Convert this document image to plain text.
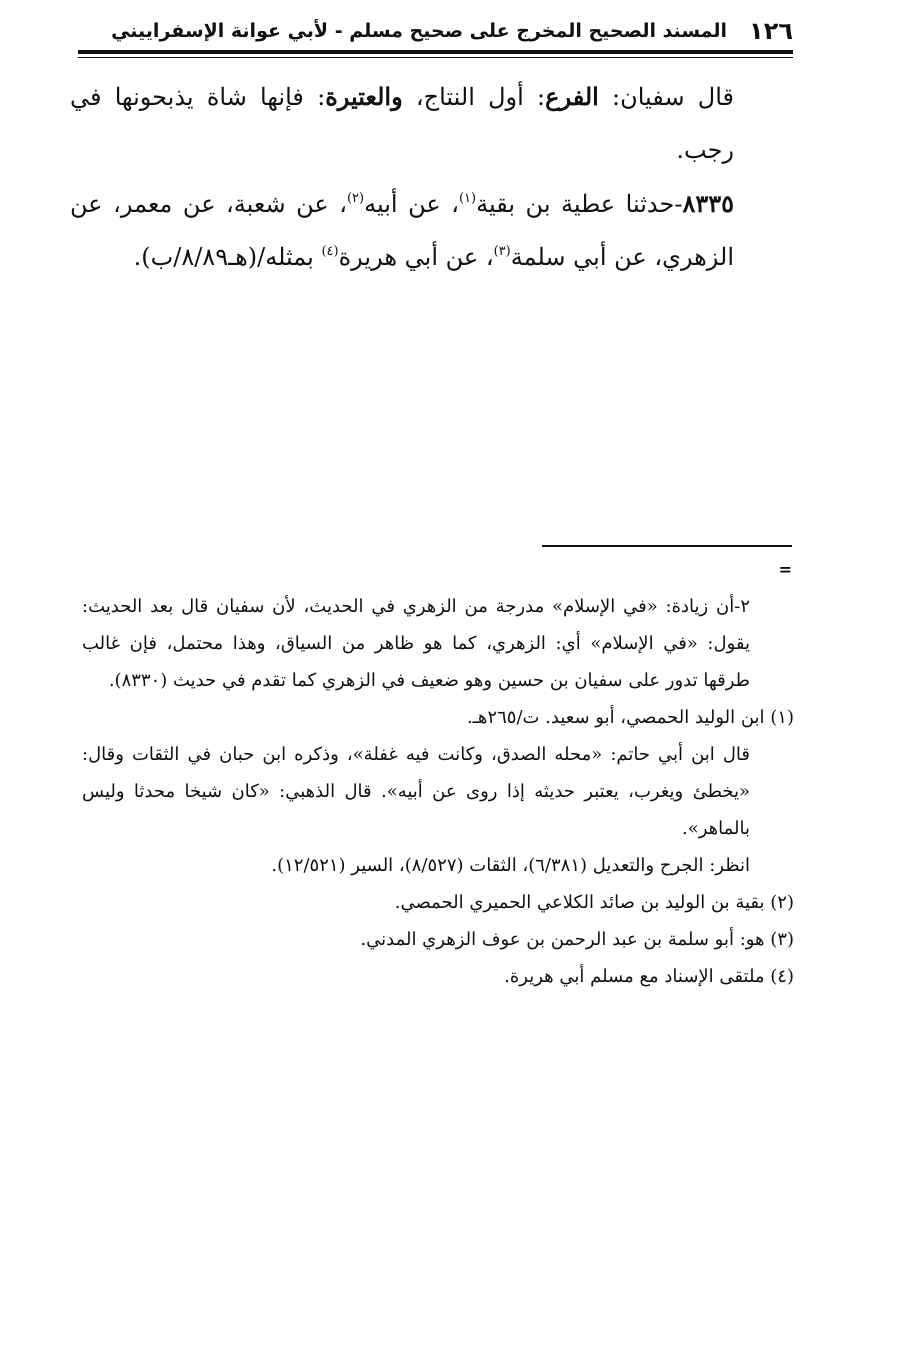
١٢٦
المسند الصحيح المخرج على صحيح مسلم - لأبي عوانة الإسفراييني

قال سفيان: الفرع: أول النتاج، والعتيرة: فإنها شاة يذبحونها في رجب.

٨٣٣٥-حدثنا عطية بن بقية$^{(١)}$، عن أبيه$^{(٢)}$، عن شعبة، عن معمر، عن الزهري، عن أبي سلمة$^{(٣)}$، عن أبي هريرة$^{(٤)}$ بمثله/(هـ٨/٨٩/ب).

=

٢-أن زيادة: «في الإسلام» مدرجة من الزهري في الحديث، لأن سفيان قال بعد الحديث: يقول: «في الإسلام» أي: الزهري، كما هو ظاهر من السياق، وهذا محتمل، فإن غالب طرقها تدور على سفيان بن حسين وهو ضعيف في الزهري كما تقدم في حديث (٨٣٣٠).

(١) ابن الوليد الحمصي، أبو سعيد. ت/٢٦٥هـ.

قال ابن أبي حاتم: «محله الصدق، وكانت فيه غفلة»، وذكره ابن حبان في الثقات وقال: «يخطئ ويغرب، يعتبر حديثه إذا روى عن أبيه». قال الذهبي: «كان شيخا محدثا وليس بالماهر».

انظر: الجرح والتعديل (٦/٣٨١)، الثقات (٨/٥٢٧)، السير (١٢/٥٢١).

(٢) بقية بن الوليد بن صائد الكلاعي الحميري الحمصي.

(٣) هو: أبو سلمة بن عبد الرحمن بن عوف الزهري المدني.

(٤) ملتقى الإسناد مع مسلم أبي هريرة.
